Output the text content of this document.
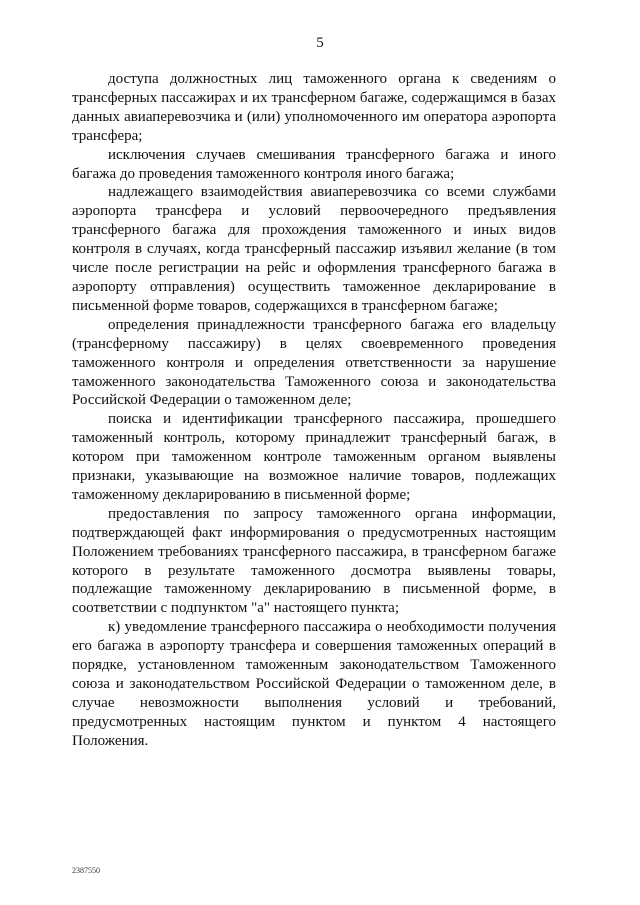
5

доступа должностных лиц таможенного органа к сведениям о трансферных пассажирах и их трансферном багаже, содержащимся в базах данных авиаперевозчика и (или) уполномоченного им оператора аэропорта трансфера;

исключения случаев смешивания трансферного багажа и иного багажа до проведения таможенного контроля иного багажа;

надлежащего взаимодействия авиаперевозчика со всеми службами аэропорта трансфера и условий первоочередного предъявления трансферного багажа для прохождения таможенного и иных видов контроля в случаях, когда трансферный пассажир изъявил желание (в том числе после регистрации на рейс и оформления трансферного багажа в аэропорту отправления) осуществить таможенное декларирование в письменной форме товаров, содержащихся в трансферном багаже;

определения принадлежности трансферного багажа его владельцу (трансферному пассажиру) в целях своевременного проведения таможенного контроля и определения ответственности за нарушение таможенного законодательства Таможенного союза и законодательства Российской Федерации о таможенном деле;

поиска и идентификации трансферного пассажира, прошедшего таможенный контроль, которому принадлежит трансферный багаж, в котором при таможенном контроле таможенным органом выявлены признаки, указывающие на возможное наличие товаров, подлежащих таможенному декларированию в письменной форме;

предоставления по запросу таможенного органа информации, подтверждающей факт информирования о предусмотренных настоящим Положением требованиях трансферного пассажира, в трансферном багаже которого в результате таможенного досмотра выявлены товары, подлежащие таможенному декларированию в письменной форме, в соответствии с подпунктом "а" настоящего пункта;

к) уведомление трансферного пассажира о необходимости получения его багажа в аэропорту трансфера и совершения таможенных операций в порядке, установленном таможенным законодательством Таможенного союза и законодательством Российской Федерации о таможенном деле, в случае невозможности выполнения условий и требований, предусмотренных настоящим пунктом и пунктом 4 настоящего Положения.

2387550
